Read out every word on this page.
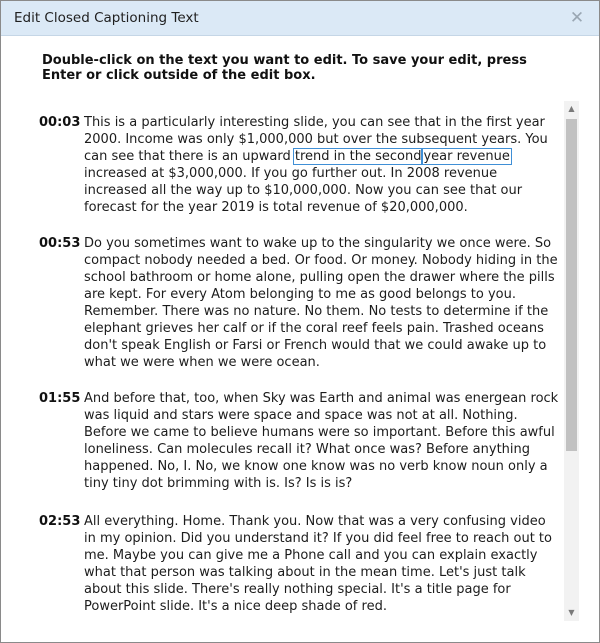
Edit Closed Captioning Text	✕
Double-click on the text you want to edit. To save your edit, press Enter or click outside of the edit box.
00:03 This is a particularly interesting slide, you can see that in the first year 2000. Income was only $1,000,000 but over the subsequent years. You can see that there is an upward trend in the second year revenue increased at $3,000,000. If you go further out. In 2008 revenue increased all the way up to $10,000,000. Now you can see that our forecast for the year 2019 is total revenue of $20,000,000.
00:53 Do you sometimes want to wake up to the singularity we once were. So compact nobody needed a bed. Or food. Or money. Nobody hiding in the school bathroom or home alone, pulling open the drawer where the pills are kept. For every Atom belonging to me as good belongs to you. Remember. There was no nature. No them. No tests to determine if the elephant grieves her calf or if the coral reef feels pain. Trashed oceans don't speak English or Farsi or French would that we could awake up to what we were when we were ocean.
01:55 And before that, too, when Sky was Earth and animal was energean rock was liquid and stars were space and space was not at all. Nothing. Before we came to believe humans were so important. Before this awful loneliness. Can molecules recall it? What once was? Before anything happened. No, I. No, we know one know was no verb know noun only a tiny tiny dot brimming with is. Is? Is is is?
02:53 All everything. Home. Thank you. Now that was a very confusing video in my opinion. Did you understand it? If you did feel free to reach out to me. Maybe you can give me a Phone call and you can explain exactly what that person was talking about in the mean time. Let's just talk about this slide. There's really nothing special. It's a title page for PowerPoint slide. It's a nice deep shade of red.
▲
▼
